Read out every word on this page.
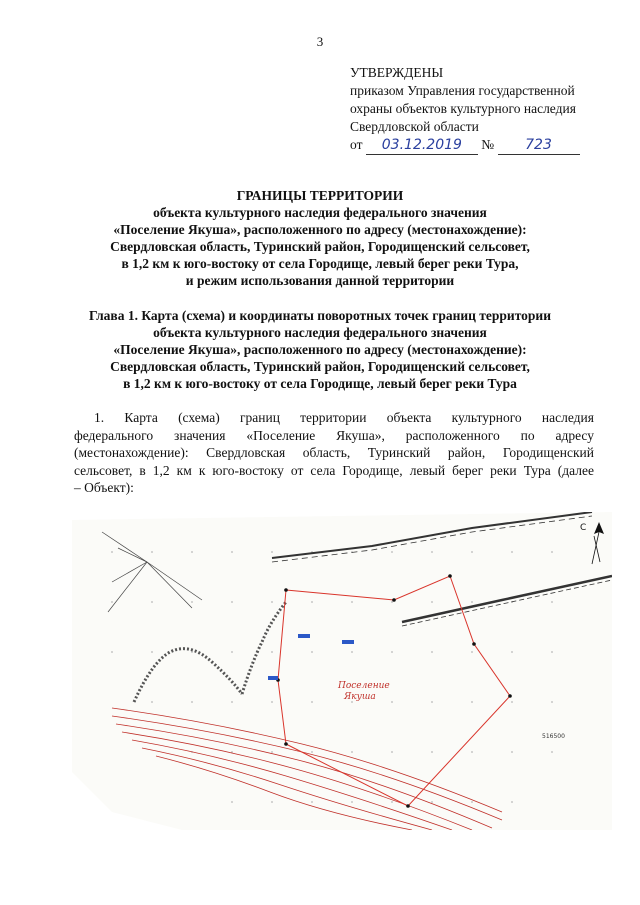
3
УТВЕРЖДЕНЫ
приказом Управления государственной
охраны объектов культурного наследия
Свердловской области
от 03.12.2019 № 723
ГРАНИЦЫ ТЕРРИТОРИИ
объекта культурного наследия федерального значения
«Поселение Якуша», расположенного по адресу (местонахождение):
Свердловская область, Туринский район, Городищенский сельсовет,
в 1,2 км к юго-востоку от села Городище, левый берег реки Тура,
и режим использования данной территории
Глава 1. Карта (схема) и координаты поворотных точек границ территории
объекта культурного наследия федерального значения
«Поселение Якуша», расположенного по адресу (местонахождение):
Свердловская область, Туринский район, Городищенский сельсовет,
в 1,2 км к юго-востоку от села Городище, левый берег реки Тура
1. Карта (схема) границ территории объекта культурного наследия
федерального значения «Поселение Якуша», расположенного по адресу
(местонахождение): Свердловская область, Туринский район, Городищенский
сельсовет, в 1,2 км к юго-востоку от села Городище, левый берег реки Тура (далее
– Объект):
Поселение
Якуша
С
516500
